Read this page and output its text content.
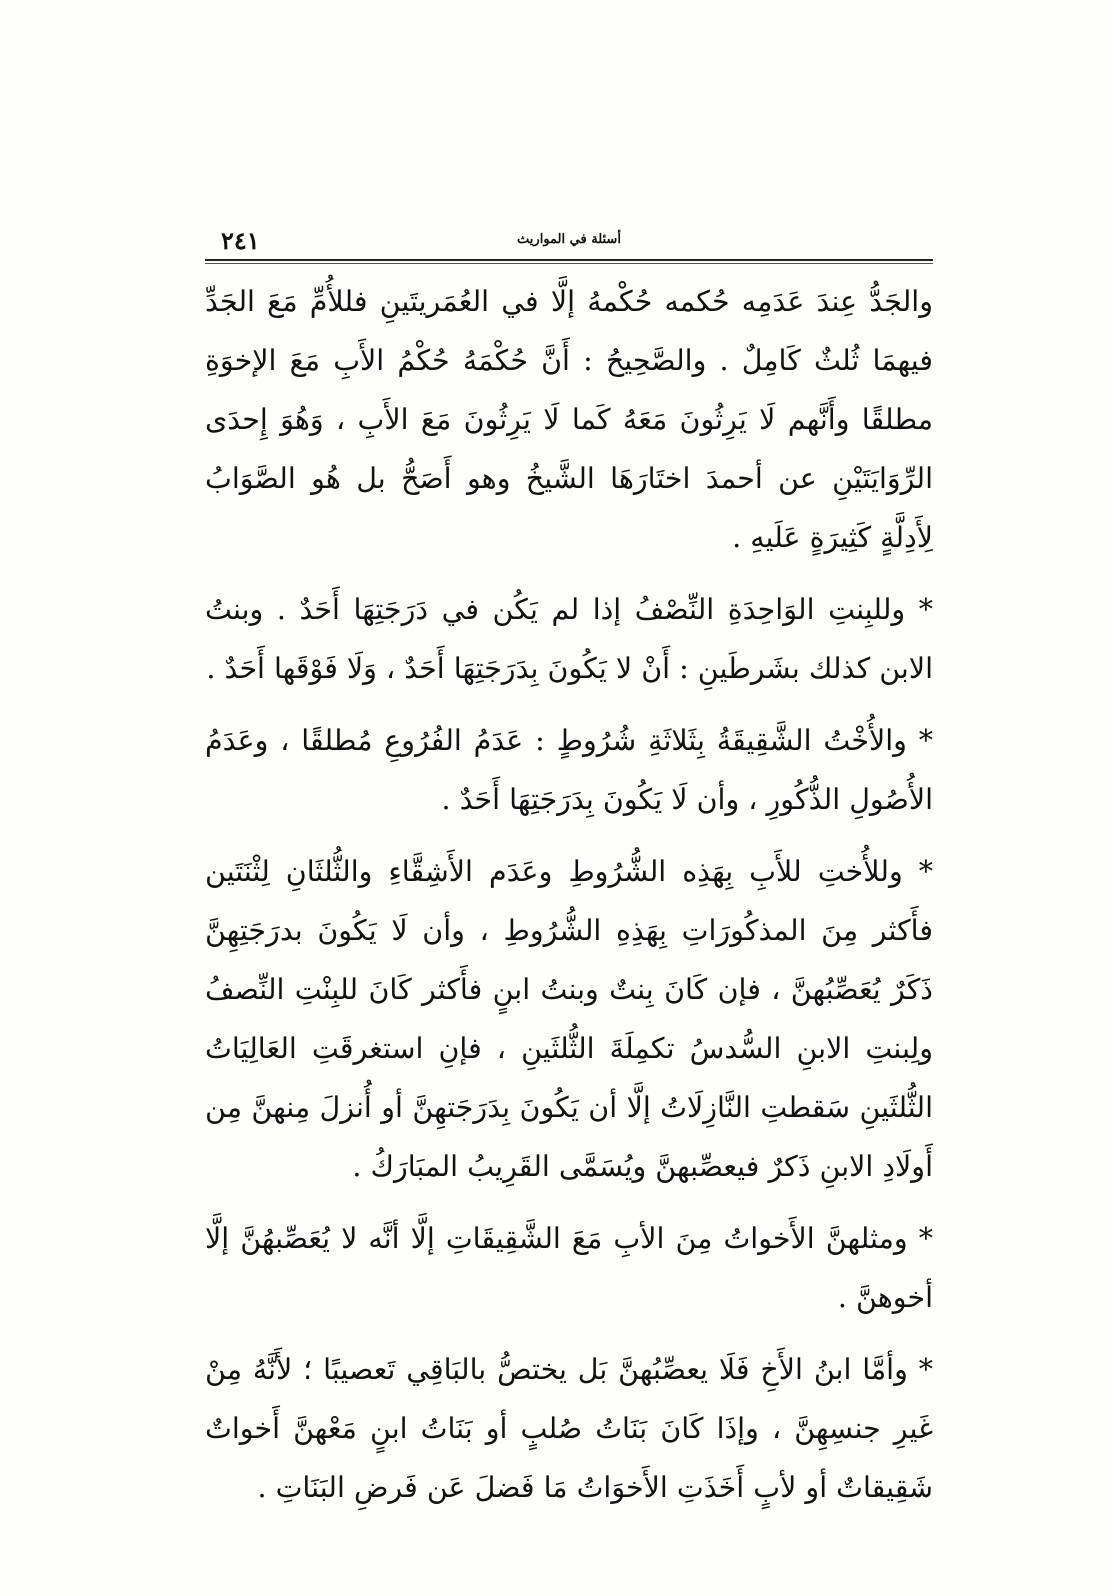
٢٤١	أسئلة في المواريث

والجَدُّ عِندَ عَدَمِه حُكمه حُكْمهُ إلَّا في العُمَريتَينِ فللأُمِّ مَعَ الجَدِّ فيهمَا ثُلثٌ كَامِلٌ . والصَّحِيحُ : أَنَّ حُكْمَهُ حُكْمُ الأَبِ مَعَ الإخوَةِ مطلقًا وأَنَّهم لَا يَرِثُونَ مَعَهُ كَما لَا يَرِثُونَ مَعَ الأَبِ ، وَهُوَ إِحدَى الرِّوَايَتَيْنِ عن أحمدَ اختَارَهَا الشَّيخُ وهو أَصَحُّ بل هُو الصَّوَابُ لِأَدِلَّةٍ كَثِيرَةٍ عَلَيهِ .

* وللبِنتِ الوَاحِدَةِ النِّصْفُ إذا لم يَكُن في دَرَجَتِهَا أَحَدٌ . وبنتُ الابن كذلك بشَرطَينِ : أَنْ لا يَكُونَ بِدَرَجَتِهَا أَحَدٌ ، وَلَا فَوْقَها أَحَدٌ .

* والأُخْتُ الشَّقِيقَةُ بِثَلاثَةِ شُرُوطٍ : عَدَمُ الفُرُوعِ مُطلقًا ، وعَدَمُ الأُصُولِ الذُّكُورِ ، وأن لَا يَكُونَ بِدَرَجَتِهَا أَحَدٌ .

* وللأُختِ للأَبِ بِهَذِه الشُّرُوطِ وعَدَم الأَشِقَّاءِ والثُّلثَانِ لِثْنَتَين فأَكثر مِنَ المذكُورَاتِ بِهَذِهِ الشُّرُوطِ ، وأن لَا يَكُونَ بدرَجَتِهِنَّ ذَكَرٌ يُعَصِّبُهنَّ ، فإن كَانَ بِنتٌ وبنتُ ابنٍ فأَكثر كَانَ للبِنْتِ النِّصفُ ولِبنتِ الابنِ السُّدسُ تكمِلَةَ الثُّلثَينِ ، فإنِ استغرقَتِ العَالِيَاتُ الثُّلثَينِ سَقطتِ النَّازِلَاتُ إلَّا أن يَكُونَ بِدَرَجَتهِنَّ أو أُنزلَ مِنهنَّ مِن أَولَادِ الابنِ ذَكرٌ فيعصِّبهنَّ ويُسَمَّى القَرِيبُ المبَارَكُ .

* ومثلهنَّ الأَخواتُ مِنَ الأبِ مَعَ الشَّقِيقَاتِ إلَّا أنَّه لا يُعَصِّبهُنَّ إلَّا أخوهنَّ .

* وأمَّا ابنُ الأَخِ فَلَا يعصِّبُهنَّ بَل يختصُّ بالبَاقِي تَعصيبًا ؛ لأَنَّهُ مِنْ غَيرِ جنسِهِنَّ ، وإذَا كَانَ بَنَاتُ صُلبٍ أو بَنَاتُ ابنٍ مَعْهنَّ أَخواتٌ شَقِيقاتٌ أو لأبٍ أَخَذَتِ الأَخوَاتُ مَا فَضلَ عَن فَرضِ البَنَاتِ .
